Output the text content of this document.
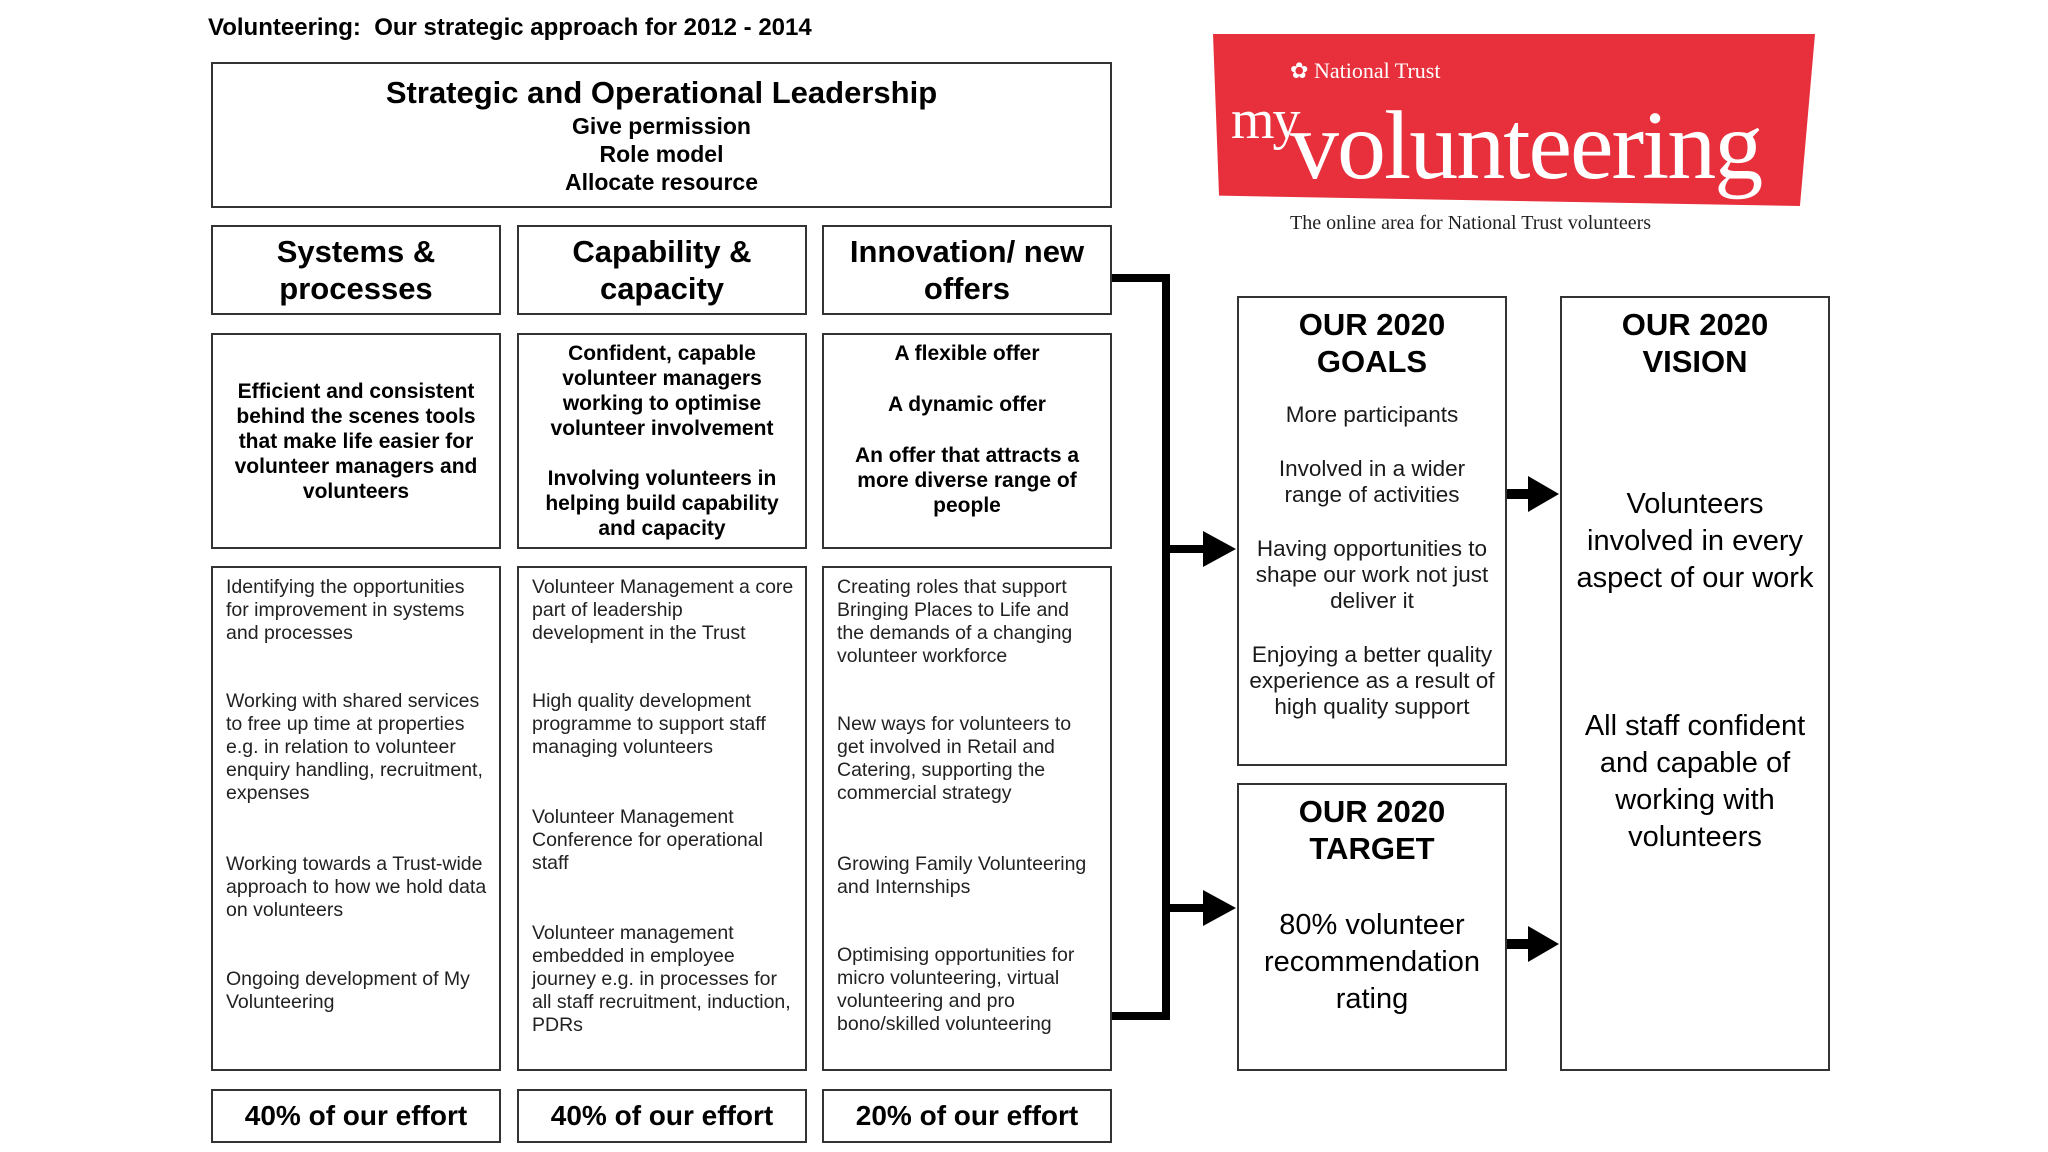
Volunteering:  Our strategic approach for 2012 - 2014
Strategic and Operational Leadership
Give permission
Role model
Allocate resource
Systems & processes
Capability & capacity
Innovation/ new offers
Efficient and consistent behind the scenes tools that make life easier for volunteer managers and volunteers
Confident, capable volunteer managers working to optimise volunteer involvement
Involving volunteers in helping build capability and capacity
A flexible offer
A dynamic offer
An offer that attracts a more diverse range of people
Identifying the opportunities for improvement in systems and processes
Working with shared services to free up time at properties e.g. in relation to volunteer enquiry handling, recruitment, expenses
Working towards a Trust-wide approach to how we hold data on volunteers
Ongoing development of My Volunteering
Volunteer Management a core part of leadership development in the Trust
High quality development programme to support staff managing volunteers
Volunteer Management Conference for operational staff
Volunteer management embedded in employee journey e.g. in processes for all staff recruitment, induction, PDRs
Creating roles that support Bringing Places to Life and the demands of a changing volunteer workforce
New ways for volunteers to get involved in Retail and Catering, supporting the commercial strategy
Growing Family Volunteering and Internships
Optimising opportunities for micro volunteering, virtual volunteering and pro bono/skilled volunteering
40% of our effort	40% of our effort	20% of our effort
OUR 2020 GOALS
More participants
Involved in a wider range of activities
Having opportunities to shape our work not just deliver it
Enjoying a better quality experience as a result of high quality support
OUR 2020 TARGET
80% volunteer recommendation rating
OUR 2020 VISION
Volunteers involved in every aspect of our work
All staff confident and capable of working with volunteers
✿ National Trust
my
volunteering
The online area for National Trust volunteers
